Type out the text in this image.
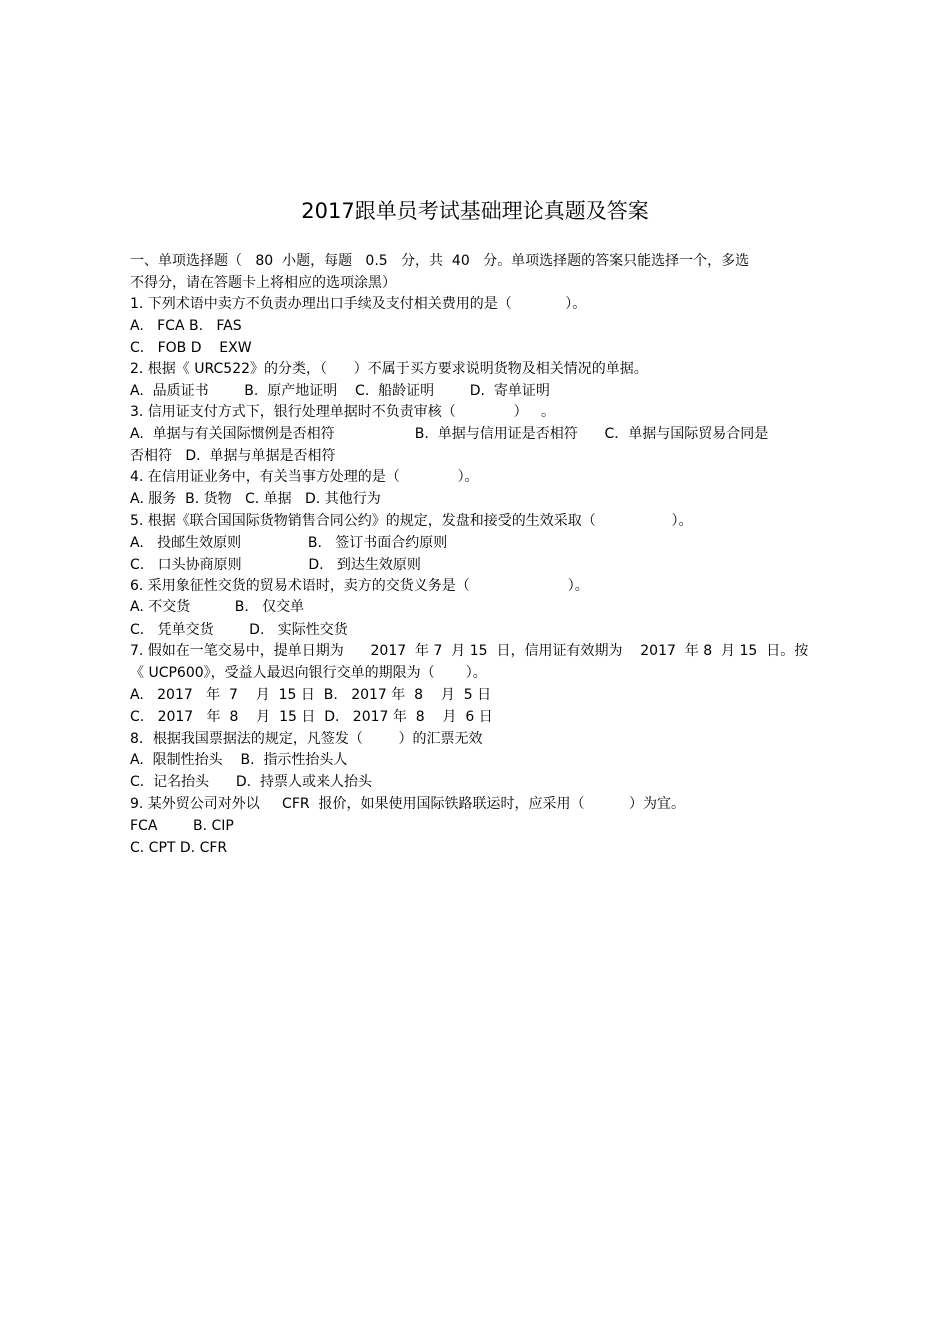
2017跟单员考试基础理论真题及答案
一、单项选择题（   80  小题，每题   0.5   分，共  40   分。单项选择题的答案只能选择一个，多选
不得分，请在答题卡上将相应的选项涂黑）
1. 下列术语中卖方不负责办理出口手续及支付相关费用的是（            ）。
A.   FCA B.   FAS
C.   FOB D    EXW
2. 根据《 URC522》的分类，（      ）不属于买方要求说明货物及相关情况的单据。
A.  品质证书        B.  原产地证明    C.  船龄证明        D.  寄单证明
3. 信用证支付方式下，银行处理单据时不负责审核（             ）   。
A.  单据与有关国际惯例是否相符                  B.  单据与信用证是否相符      C．单据与国际贸易合同是
否相符   D.  单据与单据是否相符
4. 在信用证业务中，有关当事方处理的是（             ）。
A. 服务  B. 货物   C. 单据   D. 其他行为
5. 根据《联合国国际货物销售合同公约》的规定，发盘和接受的生效采取（                 ）。
A.   投邮生效原则               B.   签订书面合约原则
C.   口头协商原则               D.   到达生效原则
6. 采用象征性交货的贸易术语时，卖方的交货义务是（                      ）。
A. 不交货          B.   仅交单
C.   凭单交货        D.   实际性交货
7. 假如在一笔交易中，提单日期为      2017  年 7  月 15  日，信用证有效期为    2017  年 8  月 15  日。按
《 UCP600》，受益人最迟向银行交单的期限为（       ）。
A.   2017   年  7    月  15 日  B.   2017 年  8    月  5 日
C.   2017   年  8    月  15 日  D.   2017 年  8    月  6 日
8．根据我国票据法的规定，凡签发（        ）的汇票无效
A.  限制性抬头    B.  指示性抬头人
C.  记名抬头      D.  持票人或来人抬头
9. 某外贸公司对外以     CFR  报价，如果使用国际铁路联运时，应采用（          ）为宜。
FCA        B. CIP
C. CPT D. CFR
